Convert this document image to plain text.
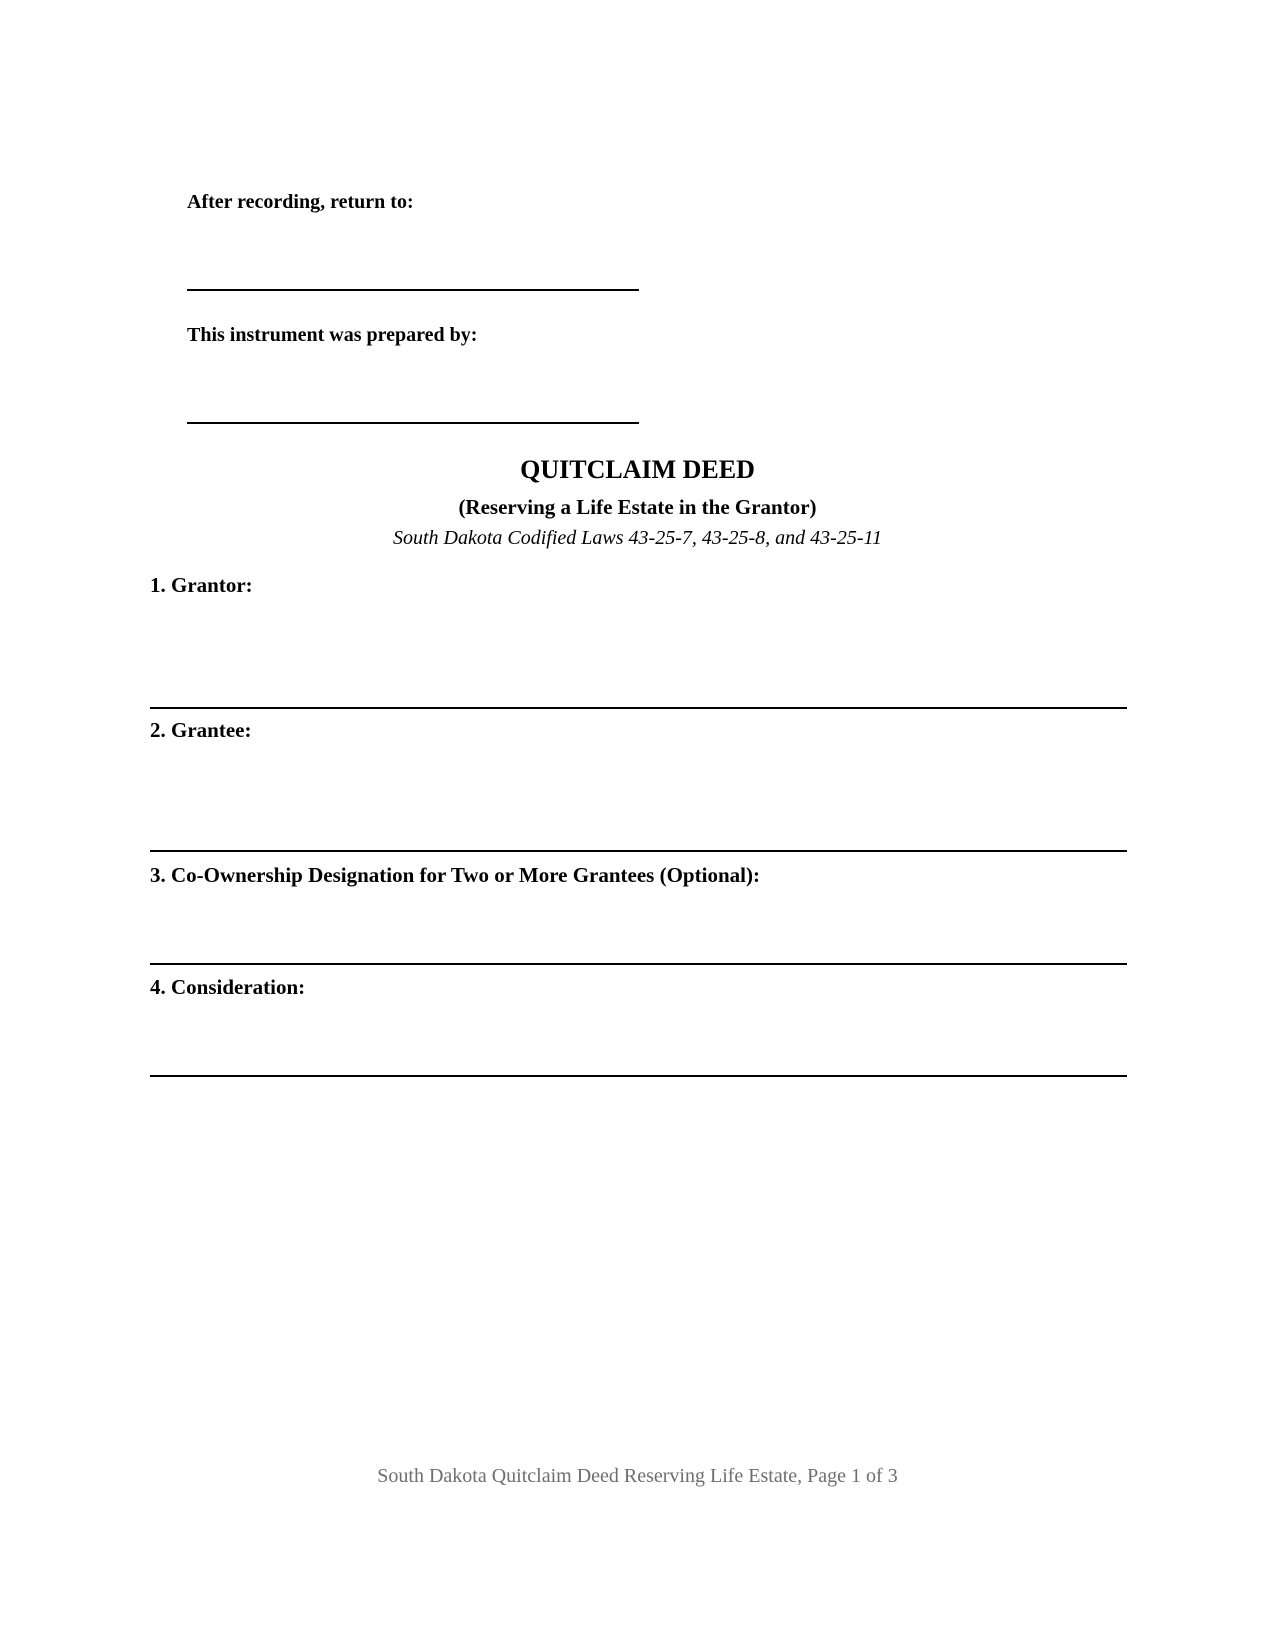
After recording, return to:
This instrument was prepared by:
QUITCLAIM DEED
(Reserving a Life Estate in the Grantor)
South Dakota Codified Laws 43-25-7, 43-25-8, and 43-25-11
1. Grantor:
2. Grantee:
3. Co-Ownership Designation for Two or More Grantees (Optional):
4. Consideration:
South Dakota Quitclaim Deed Reserving Life Estate, Page 1 of 3
